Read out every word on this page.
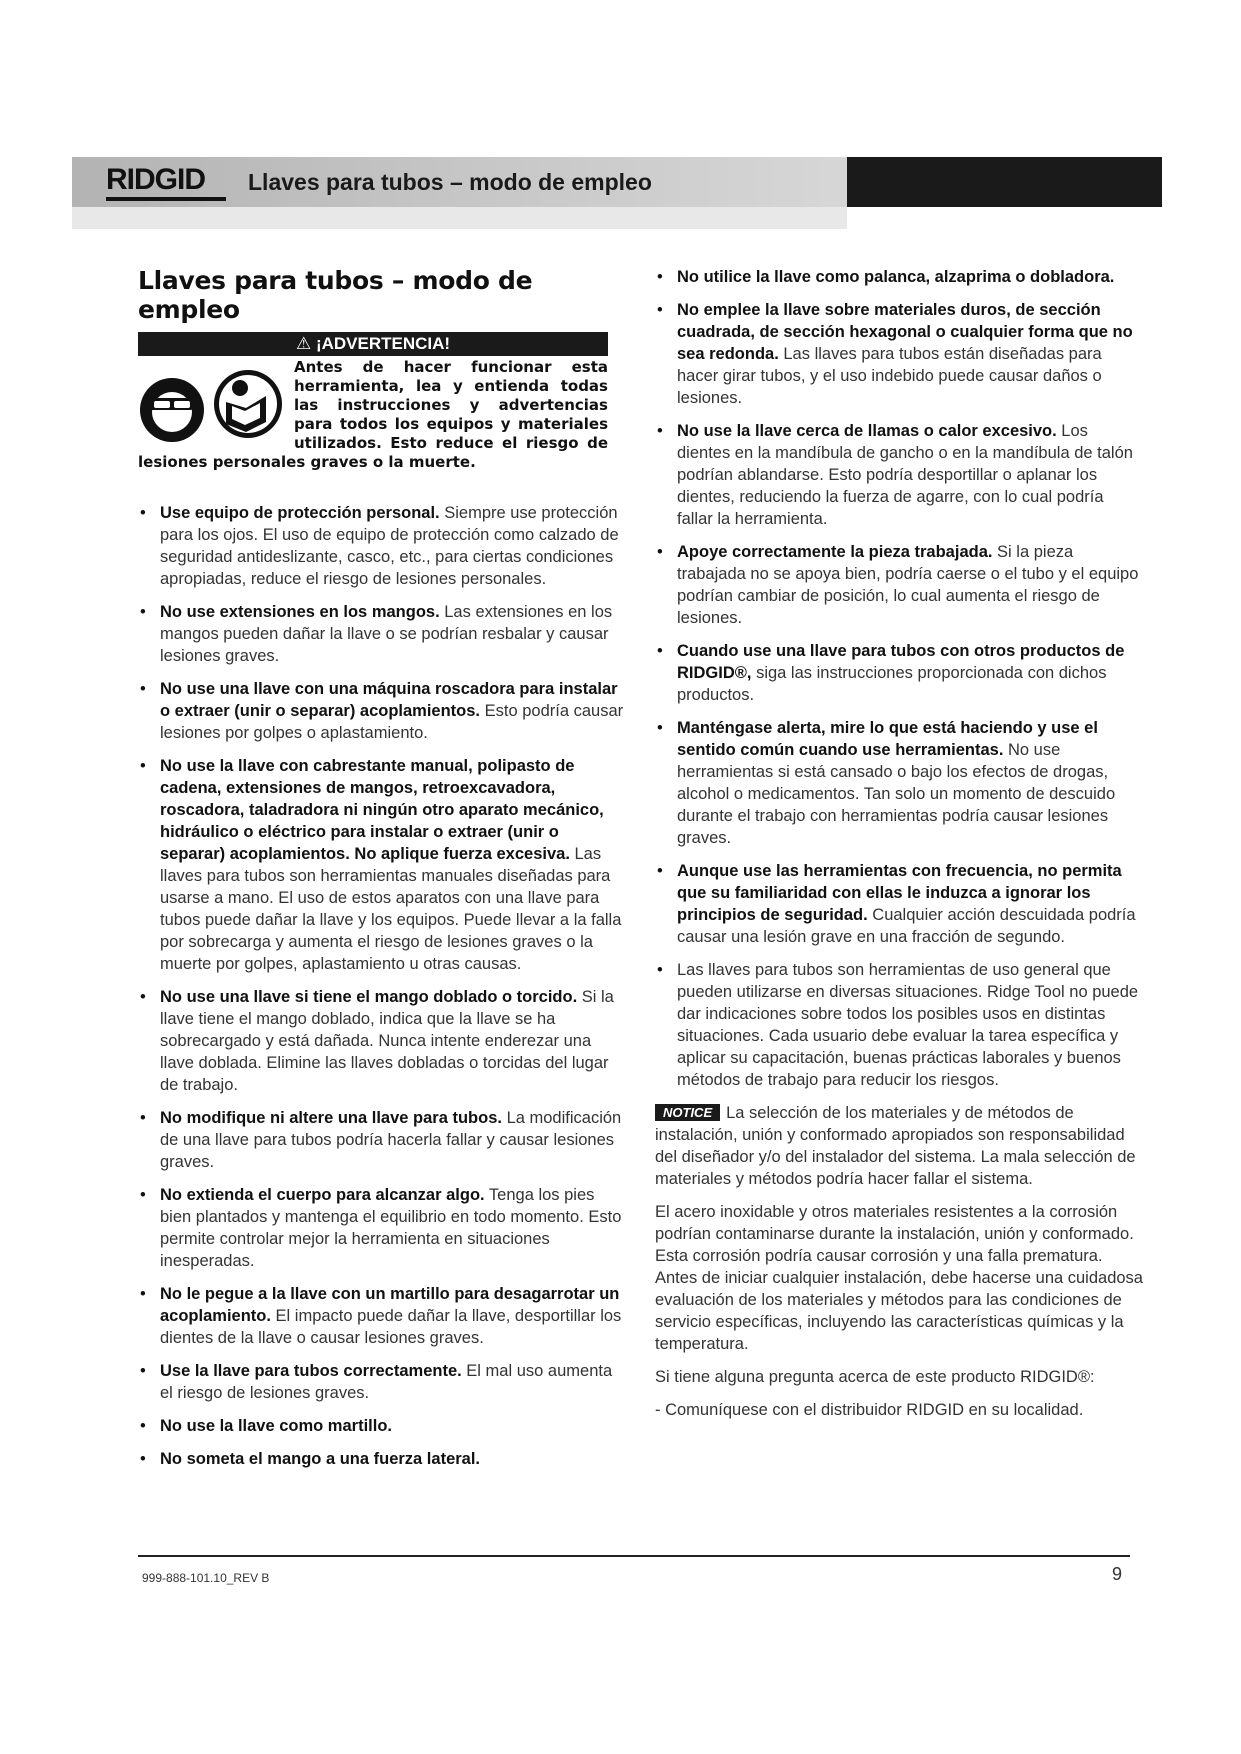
RIDGID Llaves para tubos – modo de empleo
Llaves para tubos – modo de empleo
⚠ ¡ADVERTENCIA!
Antes de hacer funcionar esta herramienta, lea y entienda todas las instrucciones y advertencias para todos los equipos y materiales utilizados. Esto reduce el riesgo de lesiones personales graves o la muerte.
• Use equipo de protección personal. Siempre use protección para los ojos. El uso de equipo de protección como calzado de seguridad antideslizante, casco, etc., para ciertas condiciones apropiadas, reduce el riesgo de lesiones personales.
• No use extensiones en los mangos. Las extensiones en los mangos pueden dañar la llave o se podrían resbalar y causar lesiones graves.
• No use una llave con una máquina roscadora para instalar o extraer (unir o separar) acoplamientos. Esto podría causar lesiones por golpes o aplastamiento.
• No use la llave con cabrestante manual, polipasto de cadena, extensiones de mangos, retroexcavadora, roscadora, taladradora ni ningún otro aparato mecánico, hidráulico o eléctrico para instalar o extraer (unir o separar) acoplamientos. No aplique fuerza excesiva. Las llaves para tubos son herramientas manuales diseñadas para usarse a mano. El uso de estos aparatos con una llave para tubos puede dañar la llave y los equipos. Puede llevar a la falla por sobrecarga y aumenta el riesgo de lesiones graves o la muerte por golpes, aplastamiento u otras causas.
• No use una llave si tiene el mango doblado o torcido. Si la llave tiene el mango doblado, indica que la llave se ha sobrecargado y está dañada. Nunca intente enderezar una llave doblada. Elimine las llaves dobladas o torcidas del lugar de trabajo.
• No modifique ni altere una llave para tubos. La modificación de una llave para tubos podría hacerla fallar y causar lesiones graves.
• No extienda el cuerpo para alcanzar algo. Tenga los pies bien plantados y mantenga el equilibrio en todo momento. Esto permite controlar mejor la herramienta en situaciones inesperadas.
• No le pegue a la llave con un martillo para desagarrotar un acoplamiento. El impacto puede dañar la llave, desportillar los dientes de la llave o causar lesiones graves.
• Use la llave para tubos correctamente. El mal uso aumenta el riesgo de lesiones graves.
• No use la llave como martillo.
• No someta el mango a una fuerza lateral.
• No utilice la llave como palanca, alzaprima o dobladora.
• No emplee la llave sobre materiales duros, de sección cuadrada, de sección hexagonal o cualquier forma que no sea redonda. Las llaves para tubos están diseñadas para hacer girar tubos, y el uso indebido puede causar daños o lesiones.
• No use la llave cerca de llamas o calor excesivo. Los dientes en la mandíbula de gancho o en la mandíbula de talón podrían ablandarse. Esto podría desportillar o aplanar los dientes, reduciendo la fuerza de agarre, con lo cual podría fallar la herramienta.
• Apoye correctamente la pieza trabajada. Si la pieza trabajada no se apoya bien, podría caerse o el tubo y el equipo podrían cambiar de posición, lo cual aumenta el riesgo de lesiones.
• Cuando use una llave para tubos con otros productos de RIDGID®, siga las instrucciones proporcionada con dichos productos.
• Manténgase alerta, mire lo que está haciendo y use el sentido común cuando use herramientas. No use herramientas si está cansado o bajo los efectos de drogas, alcohol o medicamentos. Tan solo un momento de descuido durante el trabajo con herramientas podría causar lesiones graves.
• Aunque use las herramientas con frecuencia, no permita que su familiaridad con ellas le induzca a ignorar los principios de seguridad. Cualquier acción descuidada podría causar una lesión grave en una fracción de segundo.
• Las llaves para tubos son herramientas de uso general que pueden utilizarse en diversas situaciones. Ridge Tool no puede dar indicaciones sobre todos los posibles usos en distintas situaciones. Cada usuario debe evaluar la tarea específica y aplicar su capacitación, buenas prácticas laborales y buenos métodos de trabajo para reducir los riesgos.

NOTICE La selección de los materiales y de métodos de instalación, unión y conformado apropiados son responsabilidad del diseñador y/o del instalador del sistema. La mala selección de materiales y métodos podría hacer fallar el sistema.

El acero inoxidable y otros materiales resistentes a la corrosión podrían contaminarse durante la instalación, unión y conformado. Esta corrosión podría causar corrosión y una falla prematura. Antes de iniciar cualquier instalación, debe hacerse una cuidadosa evaluación de los materiales y métodos para las condiciones de servicio específicas, incluyendo las características químicas y la temperatura.

Si tiene alguna pregunta acerca de este producto RIDGID®:

- Comuníquese con el distribuidor RIDGID en su localidad.

999-888-101.10_REV B	9
